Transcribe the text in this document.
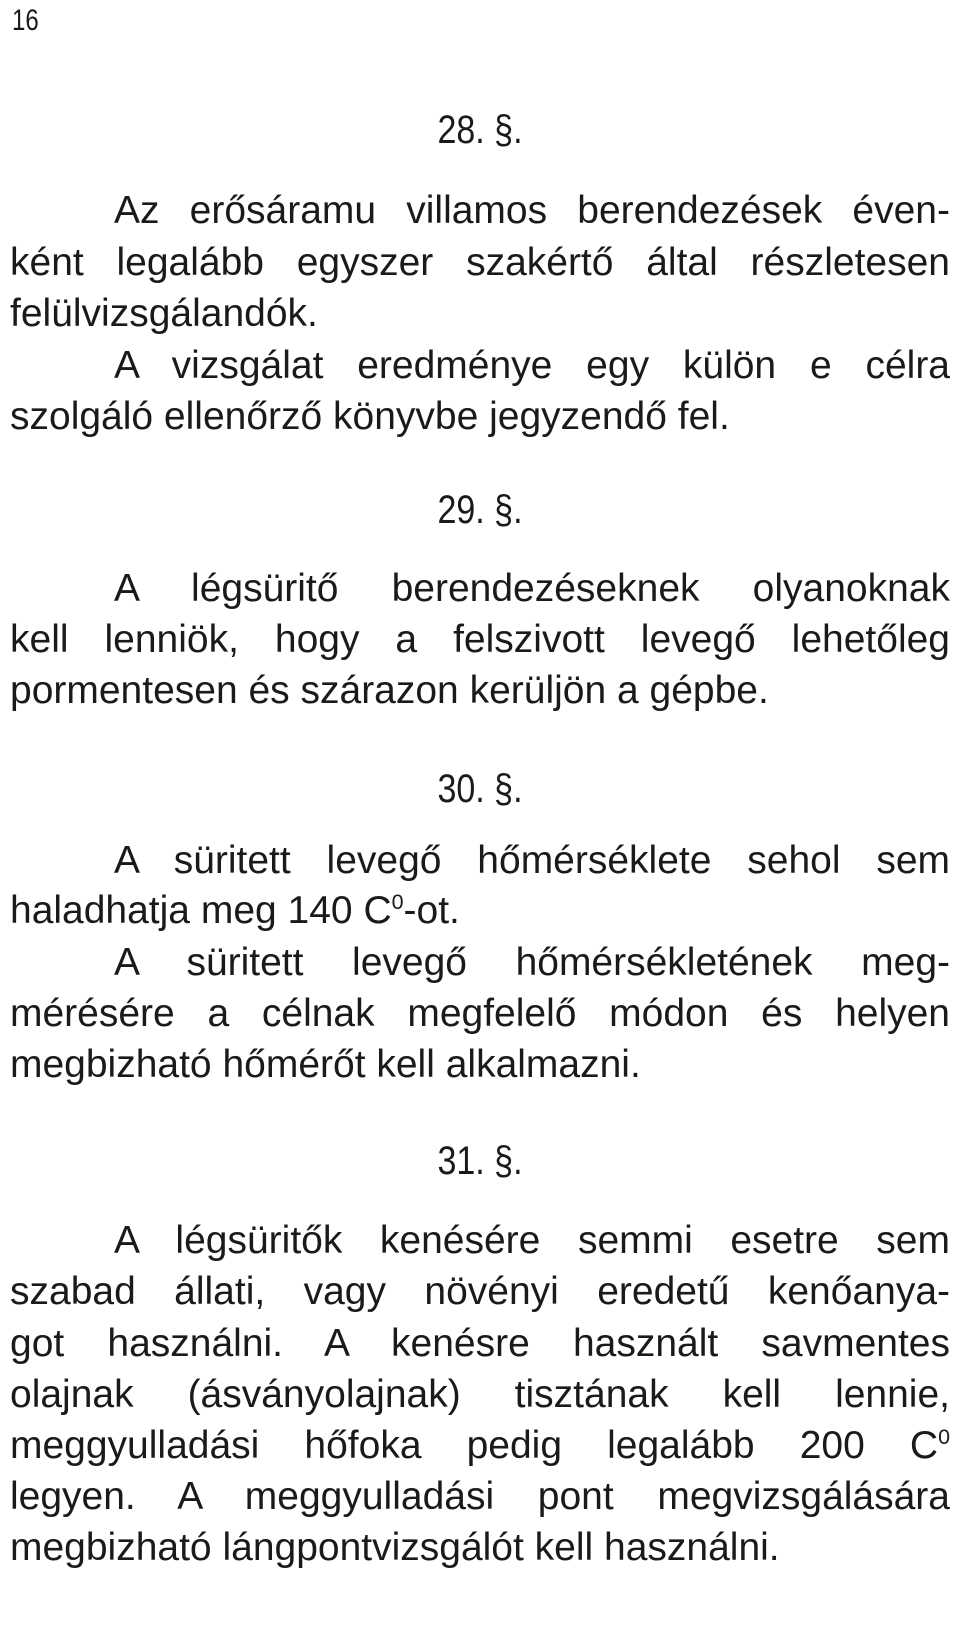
16
28. §.
Az erősáramu villamos berendezések éven-
ként legalább egyszer szakértő által részletesen
felülvizsgálandók.
A vizsgálat eredménye egy külön e célra
szolgáló ellenőrző könyvbe jegyzendő fel.
29. §.
A légsüritő berendezéseknek olyanoknak
kell lenniök, hogy a felszivott levegő lehetőleg
pormentesen és szárazon kerüljön a gépbe.
30. §.
A süritett levegő hőmérséklete sehol sem
haladhatja meg 140 $C^0-ot$.
A süritett levegő hőmérsékletének meg-
mérésére a célnak megfelelő módon és helyen
megbizható hőmérőt kell alkalmazni.
31. §.
A légsüritők kenésére semmi esetre sem
szabad állati, vagy növényi eredetű kenőanya-
got használni. A kenésre használt savmentes
olajnak (ásványolajnak) tisztának kell lennie,
meggyulladási hőfoka pedig legalább 200 $C^0$
legyen. A meggyulladási pont megvizsgálására
megbizható lángpontvizsgálót kell használni.
